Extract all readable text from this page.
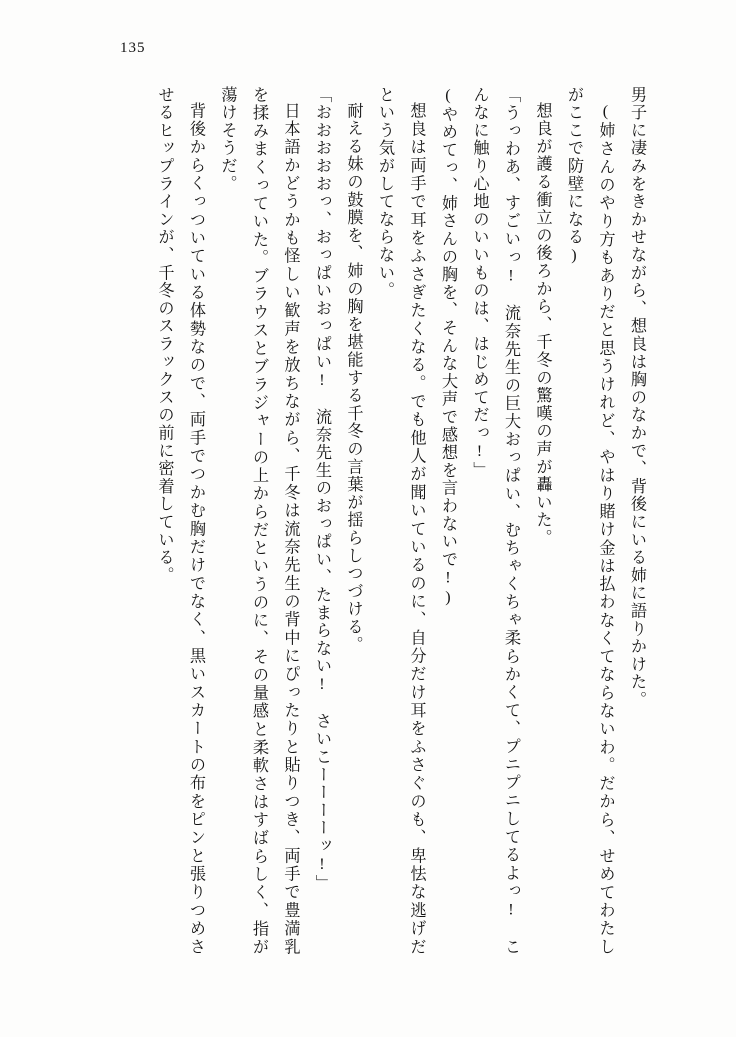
135

男子に凄みをきかせながら、想良は胸のなかで、背後にいる姉に語りかけた。

(姉さんのやり方もありだと思うけれど、やはり賭け金は払わなくてならないわ。だから、せめてわたしがここで防壁になる)

想良が護る衝立の後ろから、千冬の驚嘆の声が轟いた。

「うっわあ、すごいっ!　流奈先生の巨大おっぱい、むちゃくちゃ柔らかくて、プニプニしてるよっ!　こんなに触り心地のいいものは、はじめてだっ!」

(やめてっ、姉さんの胸を、そんな大声で感想を言わないで!)

想良は両手で耳をふさぎたくなる。でも他人が聞いているのに、自分だけ耳をふさぐのも、卑怯な逃げだという気がしてならない。

耐える妹の鼓膜を、姉の胸を堪能する千冬の言葉が揺らしつづける。

「おおおおおっ、おっぱいおっぱい!　流奈先生のおっぱい、たまらない!　さいこーーーーッ!」

日本語かどうかも怪しい歓声を放ちながら、千冬は流奈先生の背中にぴったりと貼りつき、両手で豊満乳を揉みまくっていた。ブラウスとブラジャーの上からだというのに、その量感と柔軟さはすばらしく、指が蕩けそうだ。

背後からくっついている体勢なので、両手でつかむ胸だけでなく、黒いスカートの布をピンと張りつめさせるヒップラインが、千冬のスラックスの前に密着している。
